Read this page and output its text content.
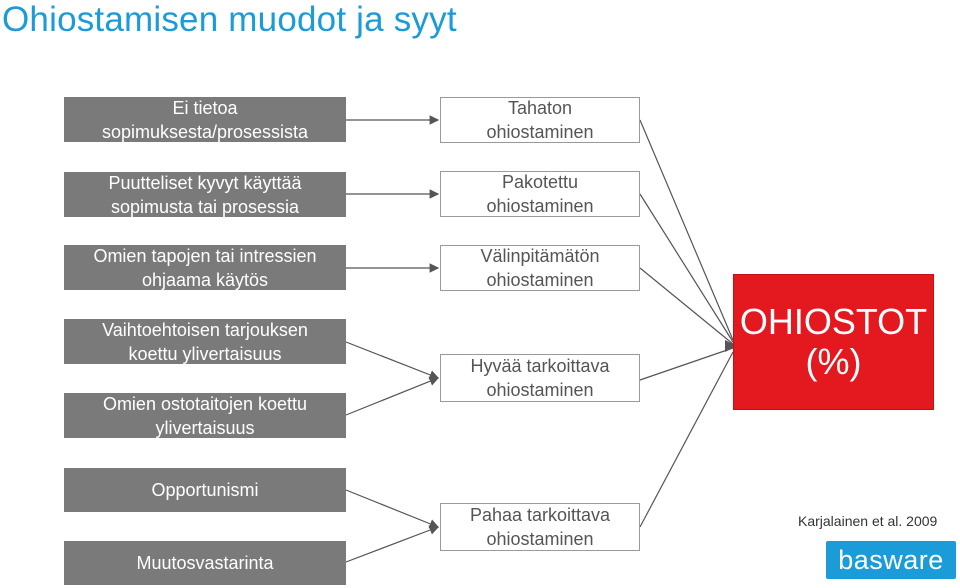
Ohiostamisen muodot ja syyt
Ei tietoa
sopimuksesta/prosessista
Puutteliset kyvyt käyttää
sopimusta tai prosessia
Omien tapojen tai intressien
ohjaama käytös
Vaihtoehtoisen tarjouksen
koettu ylivertaisuus
Omien ostotaitojen koettu
ylivertaisuus
Opportunismi
Muutosvastarinta
Tahaton
ohiostaminen
Pakotettu
ohiostaminen
Välinpitämätön
ohiostaminen
Hyvää tarkoittava
ohiostaminen
Pahaa tarkoittava
ohiostaminen
OHIOSTOT
(%)
Karjalainen et al. 2009
basware
